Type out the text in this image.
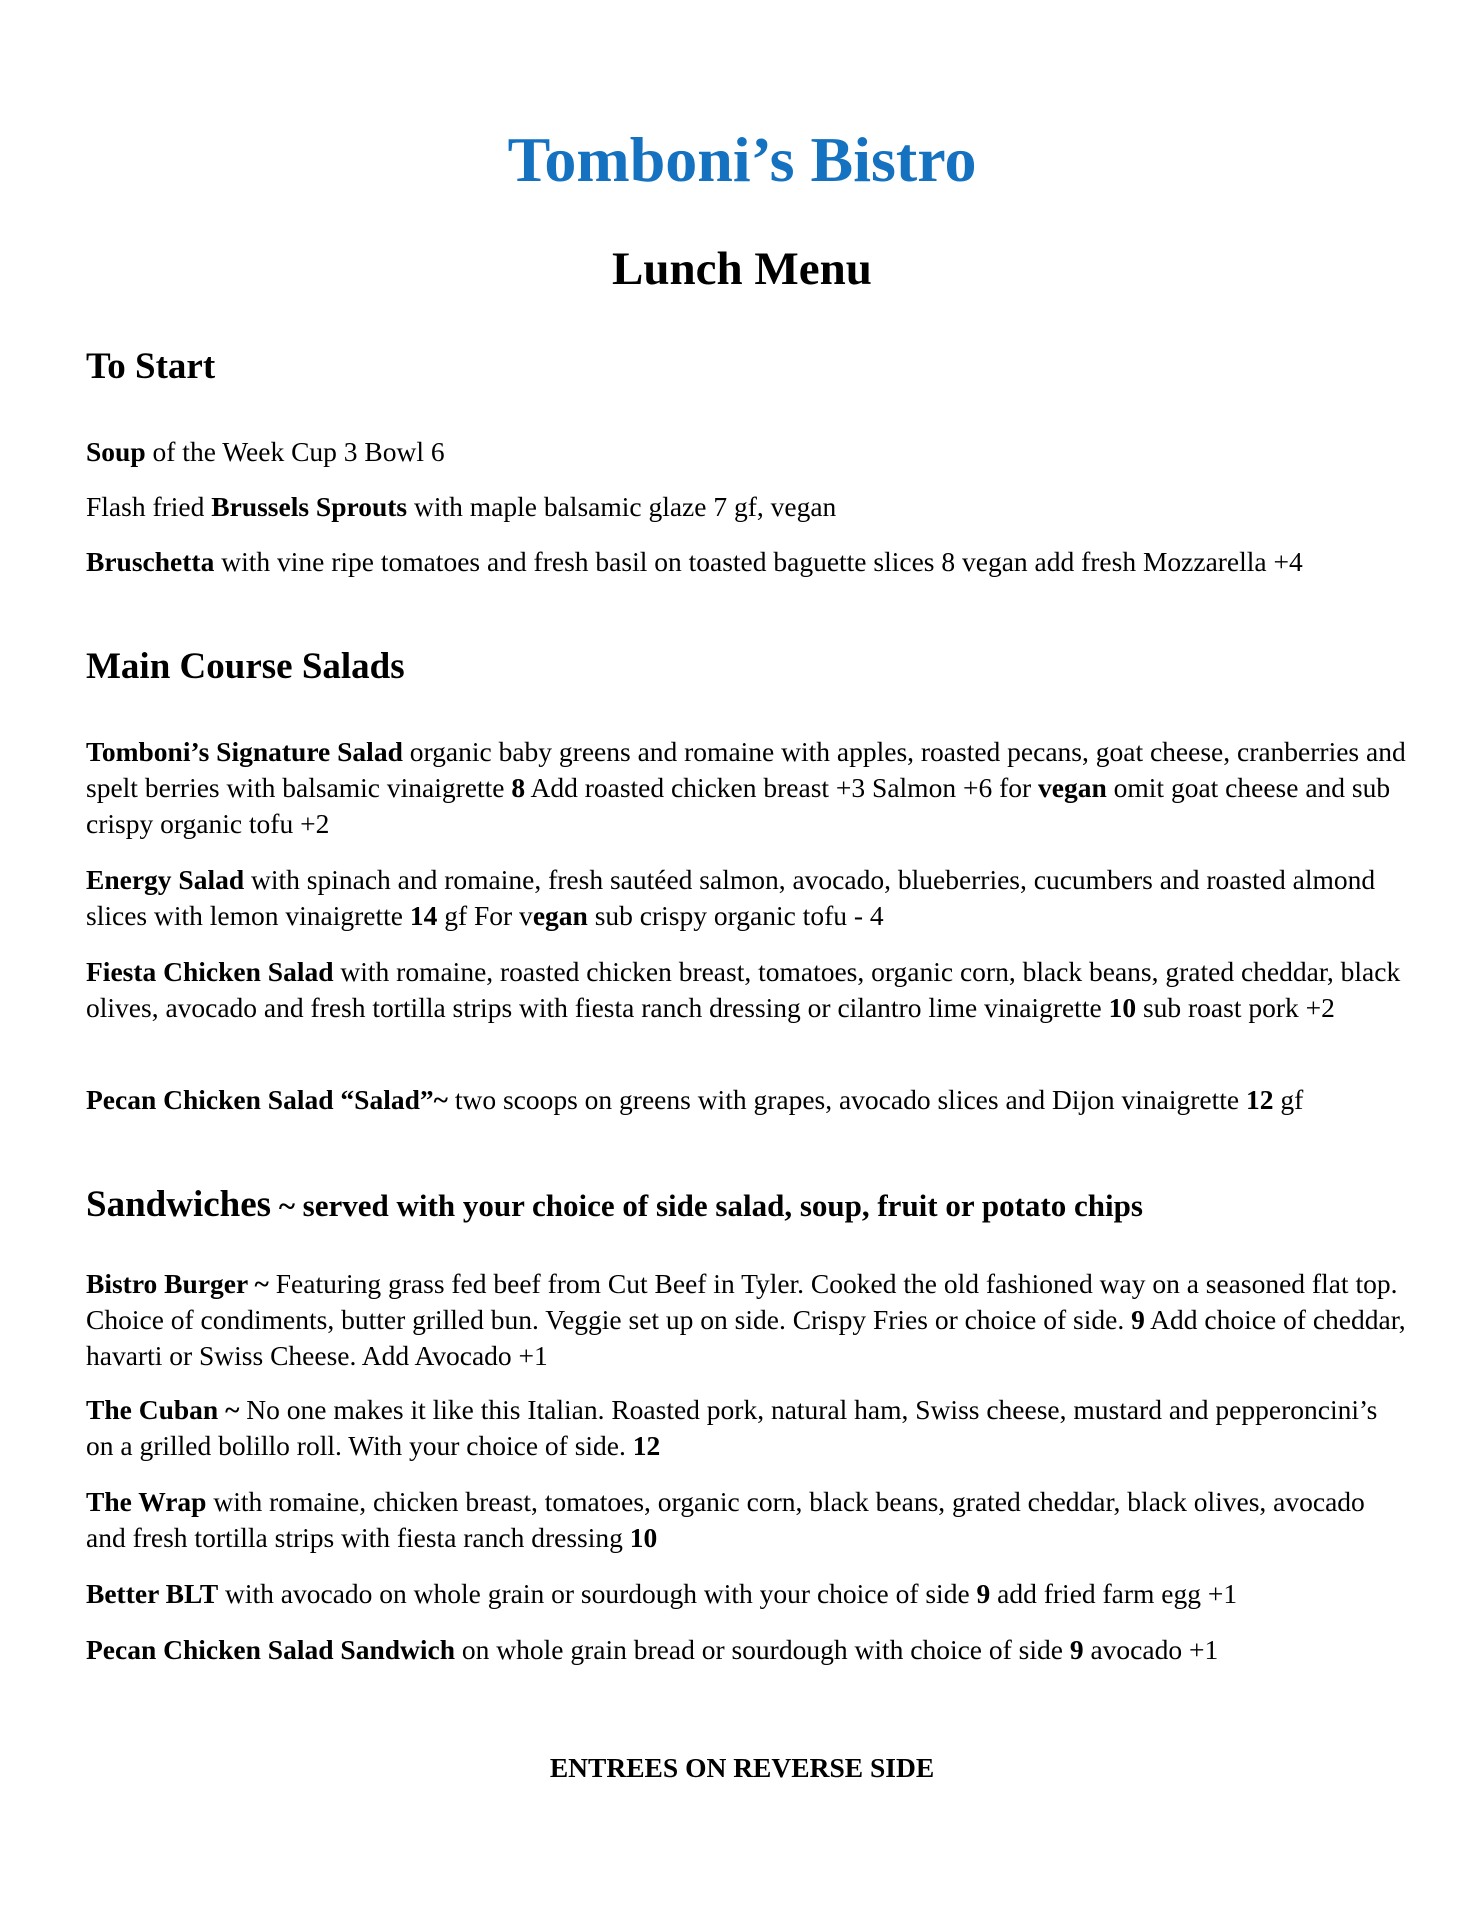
Tomboni’s Bistro
Lunch Menu
To Start
Soup of the Week Cup 3 Bowl 6
Flash fried Brussels Sprouts with maple balsamic glaze 7 gf, vegan
Bruschetta with vine ripe tomatoes and fresh basil on toasted baguette slices 8 vegan add fresh Mozzarella +4
Main Course Salads
Tomboni’s Signature Salad organic baby greens and romaine with apples, roasted pecans, goat cheese, cranberries and spelt berries with balsamic vinaigrette 8 Add roasted chicken breast +3 Salmon +6 for vegan omit goat cheese and sub crispy organic tofu +2
Energy Salad with spinach and romaine, fresh sautéed salmon, avocado, blueberries, cucumbers and roasted almond slices with lemon vinaigrette 14 gf For vegan sub crispy organic tofu - 4
Fiesta Chicken Salad with romaine, roasted chicken breast, tomatoes, organic corn, black beans, grated cheddar, black olives, avocado and fresh tortilla strips with fiesta ranch dressing or cilantro lime vinaigrette 10 sub roast pork +2
Pecan Chicken Salad “Salad”~ two scoops on greens with grapes, avocado slices and Dijon vinaigrette 12 gf
Sandwiches ~ served with your choice of side salad, soup, fruit or potato chips
Bistro Burger ~ Featuring grass fed beef from Cut Beef in Tyler. Cooked the old fashioned way on a seasoned flat top. Choice of condiments, butter grilled bun. Veggie set up on side. Crispy Fries or choice of side. 9 Add choice of cheddar, havarti or Swiss Cheese. Add Avocado +1
The Cuban ~ No one makes it like this Italian. Roasted pork, natural ham, Swiss cheese, mustard and pepperoncini’s on a grilled bolillo roll. With your choice of side. 12
The Wrap with romaine, chicken breast, tomatoes, organic corn, black beans, grated cheddar, black olives, avocado and fresh tortilla strips with fiesta ranch dressing 10
Better BLT with avocado on whole grain or sourdough with your choice of side 9 add fried farm egg +1
Pecan Chicken Salad Sandwich on whole grain bread or sourdough with choice of side 9 avocado +1
ENTREES ON REVERSE SIDE
